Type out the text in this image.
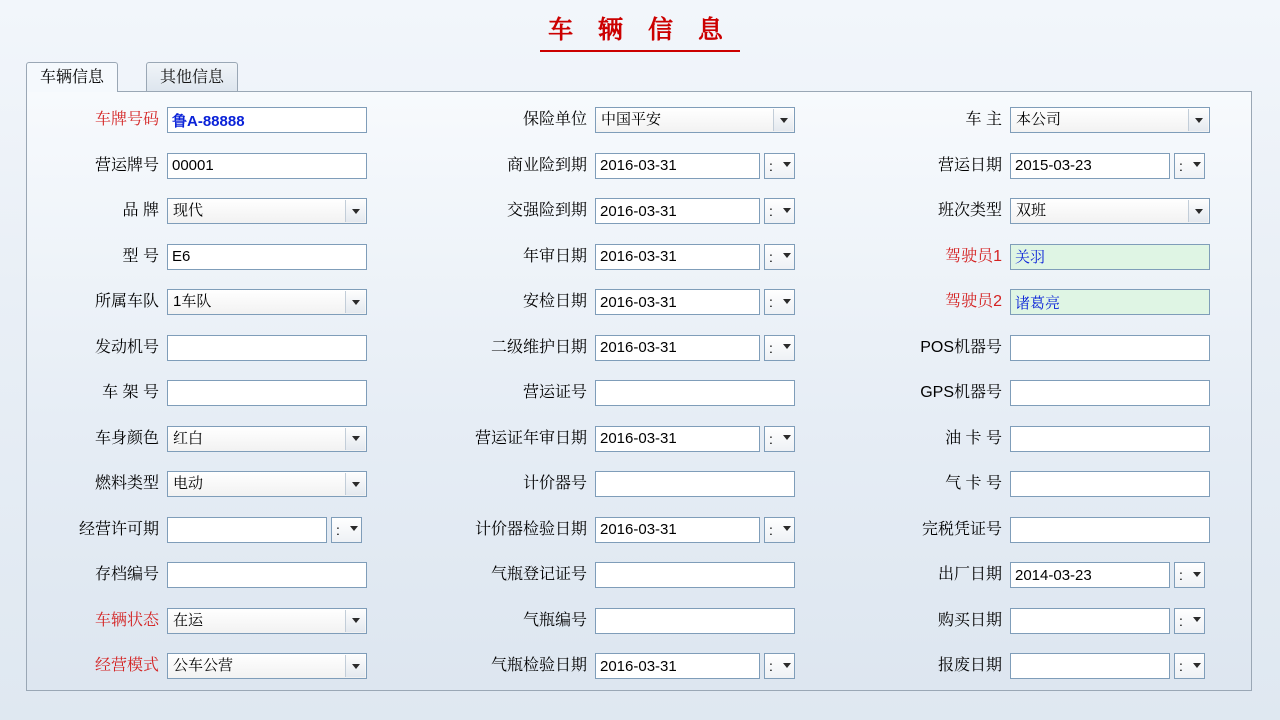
车 辆 信 息
车辆信息	其他信息
车牌号码
鲁A-88888
营运牌号
00001
品 牌 现代
型 号
E6
所属车队 1车队
发动机号
车 架 号
车身颜色 红白
燃料类型 电动
经营许可期	:
存档编号
车辆状态 在运
经营模式 公车公营
保险单位 中国平安
商业险到期
2016-03-31	:
交强险到期
2016-03-31	:
年审日期
2016-03-31	:
安检日期
2016-03-31	:
二级维护日期
2016-03-31	:
营运证号
营运证年审日期
2016-03-31	:
计价器号
计价器检验日期
2016-03-31	:
气瓶登记证号
气瓶编号
气瓶检验日期
2016-03-31	:
车 主 本公司
营运日期
2015-03-23	:
班次类型 双班
驾驶员1
关羽
驾驶员2
诸葛亮
POS机器号
GPS机器号
油 卡 号
气 卡 号
完税凭证号
出厂日期
2014-03-23	:
购买日期	:
报废日期	:
